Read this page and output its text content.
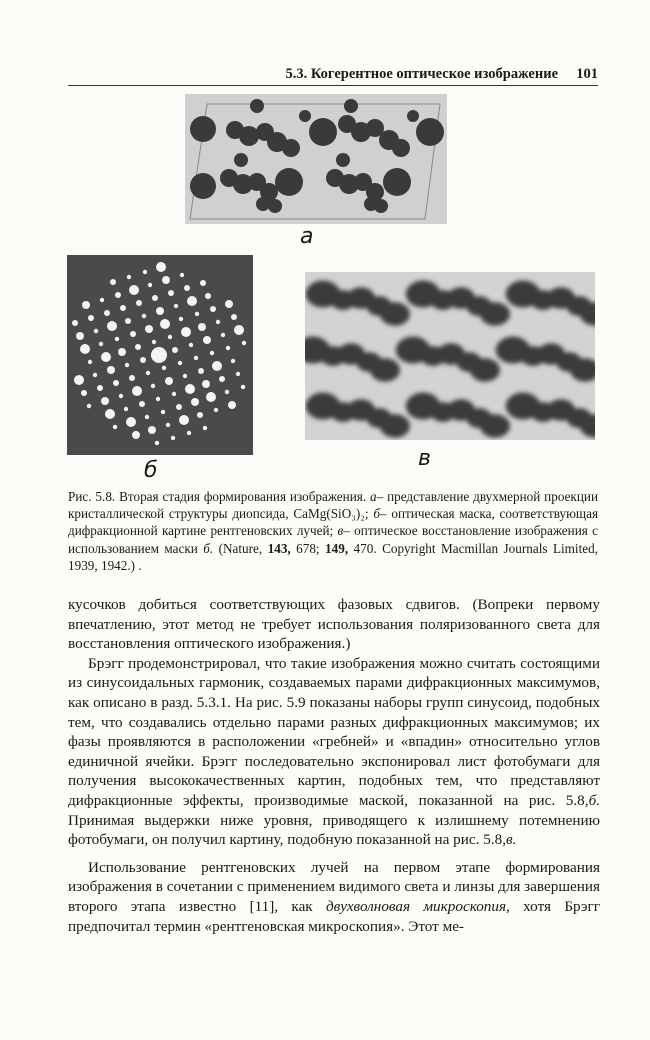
5.3. Когерентное оптическое изображение 101
а
б	в
Рис. 5.8. Вторая стадия формирования изображения. а– представление двухмерной проекции кристаллической структуры диопсида, CaMg(SiO₃)₂; б– оптическая маска, соответствующая дифракционной картине рентгеновских лучей; в– оптическое восстановление изображения с использованием маски б. (Nature, 143, 678; 149, 470. Copyright Macmillan Journals Limited, 1939, 1942.) .

кусочков добиться соответствующих фазовых сдвигов. (Вопреки первому впечатлению, этот метод не требует использования поляризованного света для восстановления оптического изображения.)

Брэгг продемонстрировал, что такие изображения можно считать состоящими из синусоидальных гармоник, создаваемых парами дифракционных максимумов, как описано в разд. 5.3.1. На рис. 5.9 показаны наборы групп синусоид, подобных тем, что создавались отдельно парами разных дифракционных максимумов; их фазы проявляются в расположении «гребней» и «впадин» относительно углов единичной ячейки. Брэгг последовательно экспонировал лист фотобумаги для получения высококачественных картин, подобных тем, что представляют дифракционные эффекты, производимые маской, показанной на рис. 5.8,б. Принимая выдержки ниже уровня, приводящего к излишнему потемнению фотобумаги, он получил картину, подобную показанной на рис. 5.8,в.

Использование рентгеновских лучей на первом этапе формирования изображения в сочетании с применением видимого света и линзы для завершения второго этапа известно [11], как двухволновая микроскопия, хотя Брэгг предпочитал термин «рентгеновская микроскопия». Этот ме-
